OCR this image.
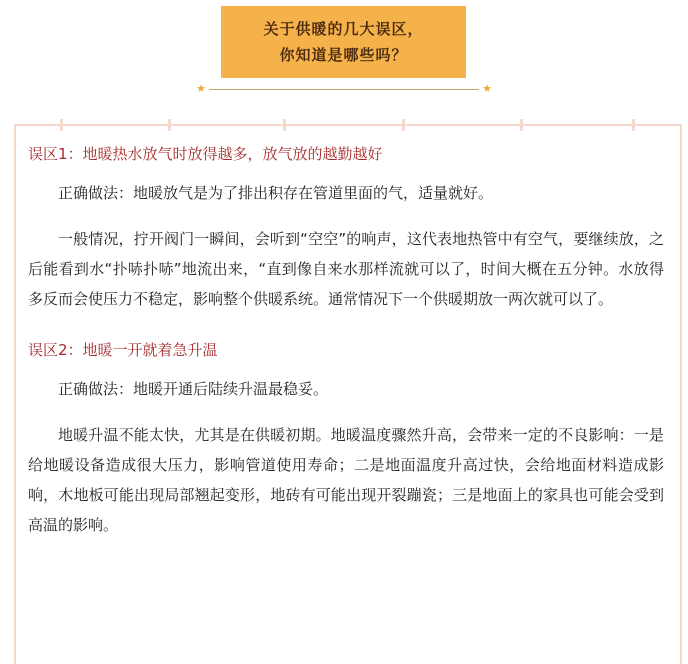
关于供暖的几大误区，
你知道是哪些吗？
★	★

误区1：地暖热水放气时放得越多，放气放的越勤越好

正确做法：地暖放气是为了排出积存在管道里面的气，适量就好。

一般情况，拧开阀门一瞬间，会听到“空空”的响声，这代表地热管中有空气，要继续放，之后能看到水“扑哧扑哧”地流出来，“直到像自来水那样流就可以了，时间大概在五分钟。水放得多反而会使压力不稳定，影响整个供暖系统。通常情况下一个供暖期放一两次就可以了。

误区2：地暖一开就着急升温

正确做法：地暖开通后陆续升温最稳妥。

地暖升温不能太快，尤其是在供暖初期。地暖温度骤然升高，会带来一定的不良影响：一是给地暖设备造成很大压力，影响管道使用寿命；二是地面温度升高过快，会给地面材料造成影响，木地板可能出现局部翘起变形，地砖有可能出现开裂蹦瓷；三是地面上的家具也可能会受到高温的影响。
